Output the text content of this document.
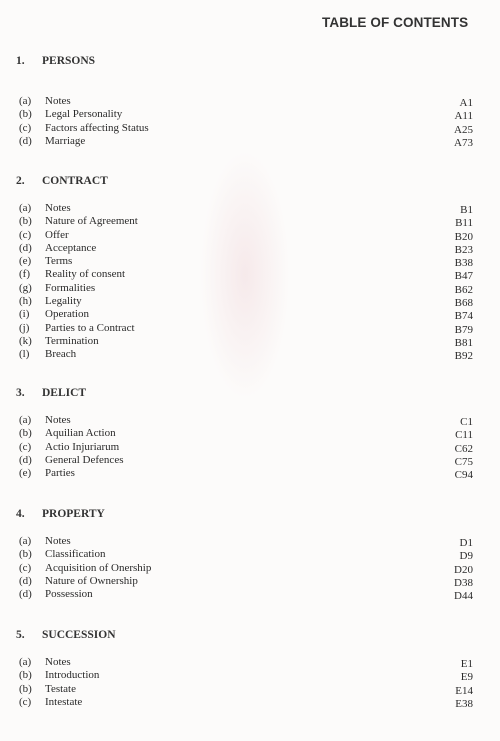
TABLE OF CONTENTS
1. PERSONS
(a)	Notes	A1
(b)	Legal Personality	A11
(c)	Factors affecting Status	A25
(d)	Marriage	A73
2. CONTRACT
(a)	Notes	B1
(b)	Nature of Agreement	B11
(c)	Offer	B20
(d)	Acceptance	B23
(e)	Terms	B38
(f)	Reality of consent	B47
(g)	Formalities	B62
(h)	Legality	B68
(i)	Operation	B74
(j)	Parties to a Contract	B79
(k)	Termination	B81
(l)	Breach	B92
3. DELICT
(a)	Notes	C1
(b)	Aquilian Action	C11
(c)	Actio Injuriarum	C62
(d)	General Defences	C75
(e)	Parties	C94
4. PROPERTY
(a)	Notes	D1
(b)	Classification	D9
(c)	Acquisition of Onership	D20
(d)	Nature of Ownership	D38
(d)	Possession	D44
5. SUCCESSION
(a)	Notes	E1
(b)	Introduction	E9
(b)	Testate	E14
(c)	Intestate	E38
